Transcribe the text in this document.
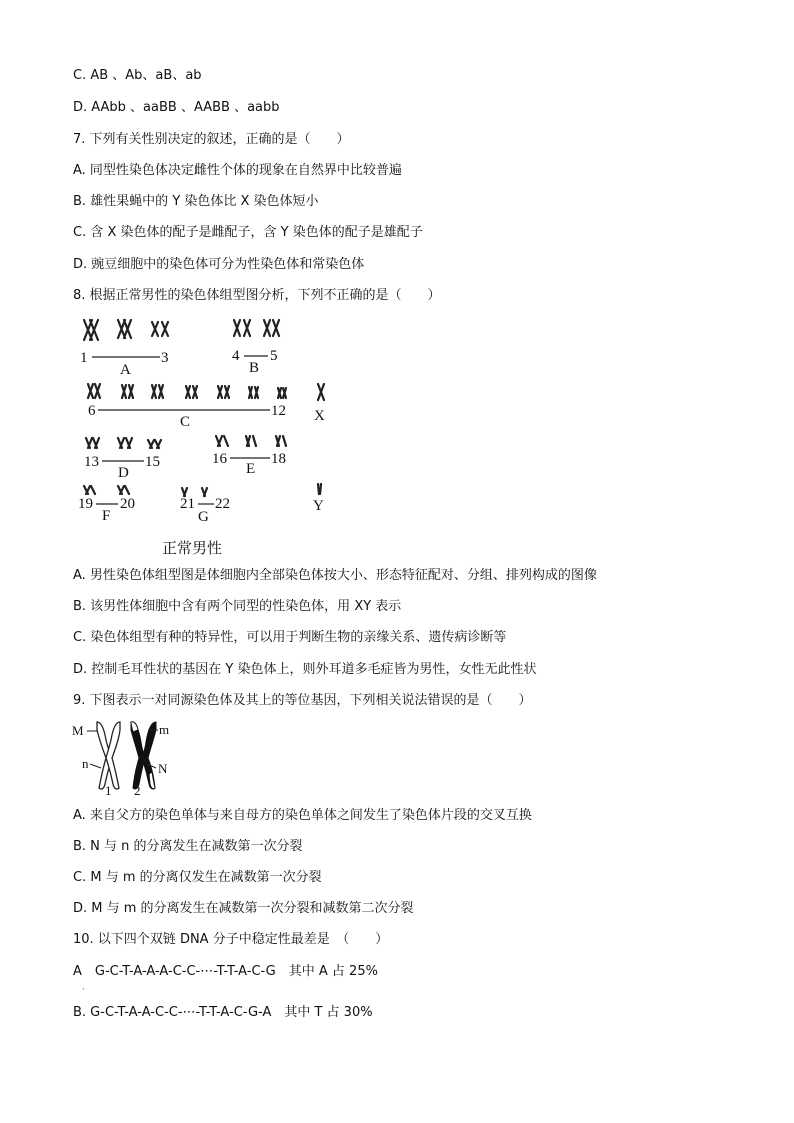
C. AB 、Ab、aB、ab
D. AAbb 、aaBB 、AABB 、aabb
7. 下列有关性别决定的叙述，正确的是（　　）
A. 同型性染色体决定雌性个体的现象在自然界中比较普遍
B. 雄性果蝇中的 Y 染色体比 X 染色体短小
C. 含 X 染色体的配子是雌配子，含 Y 染色体的配子是雄配子
D. 豌豆细胞中的染色体可分为性染色体和常染色体
8. 根据正常男性的染色体组型图分析，下列不正确的是（　　）
1	3
A
4 5
B
6	12
C	X
13	15
D
16	18
E
19 20
F
21 22
G
Y
正常男性
A. 男性染色体组型图是体细胞内全部染色体按大小、形态特征配对、分组、排列构成的图像
B. 该男性体细胞中含有两个同型的性染色体，用 XY 表示
C. 染色体组型有种的特异性，可以用于判断生物的亲缘关系、遗传病诊断等
D. 控制毛耳性状的基因在 Y 染色体上，则外耳道多毛症皆为男性，女性无此性状
9. 下图表示一对同源染色体及其上的等位基因，下列相关说法错误的是（　　）
M
n
m
N
1 2
A. 来自父方的染色单体与来自母方的染色单体之间发生了染色体片段的交叉互换
B. N 与 n 的分离发生在减数第一次分裂
C. M 与 m 的分离仅发生在减数第一次分裂
D. M 与 m 的分离发生在减数第一次分裂和减数第二次分裂
10. 以下四个双链 DNA 分子中稳定性最差是　（　　）
A　G-C-T-A-A-A-C-C-⋯-T-T-A-C-G　其中 A 占 25%
·
B. G-C-T-A-A-C-C-⋯-T-T-A-C-G-A　其中 T 占 30%
